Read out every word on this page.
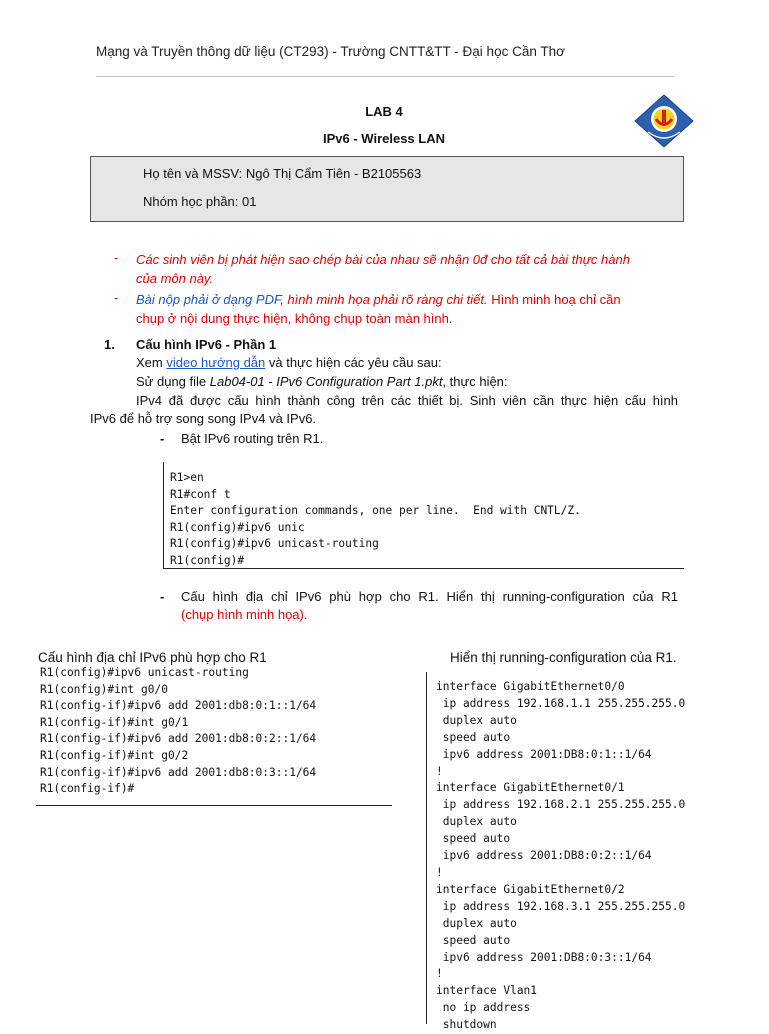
Mạng và Truyền thông dữ liệu (CT293) - Trường CNTT&TT - Đại học Cần Thơ
LAB 4
IPv6 - Wireless LAN
Họ tên và MSSV: Ngô Thị Cẩm Tiên - B2105563
Nhóm học phần: 01
- Các sinh viên bị phát hiện sao chép bài của nhau sẽ nhận 0đ cho tất cả bài thực hành
của môn này.
- Bài nộp phải ở dạng PDF, hình minh họa phải rõ ràng chi tiết. Hình minh hoạ chỉ cần
chụp ở nội dung thực hiện, không chụp toàn màn hình.
1. Cấu hình IPv6 - Phần 1
Xem video hướng dẫn và thực hiện các yêu cầu sau:
Sử dụng file Lab04-01 - IPv6 Configuration Part 1.pkt, thực hiện:
IPv4 đã được cấu hình thành công trên các thiết bị. Sinh viên cần thực hiện cấu hình
IPv6 để hỗ trợ song song IPv4 và IPv6.
- Bật IPv6 routing trên R1.
R1>en
R1#conf t
Enter configuration commands, one per line.  End with CNTL/Z.
R1(config)#ipv6 unic
R1(config)#ipv6 unicast-routing
R1(config)#
- Cấu hình địa chỉ IPv6 phù hợp cho R1. Hiển thị running-configuration của R1
(chụp hình minh họa).
Cấu hình địa chỉ IPv6 phù hợp cho R1	Hiển thị running-configuration của R1.
R1(config)#ipv6 unicast-routing
R1(config)#int g0/0
R1(config-if)#ipv6 add 2001:db8:0:1::1/64
R1(config-if)#int g0/1
R1(config-if)#ipv6 add 2001:db8:0:2::1/64
R1(config-if)#int g0/2
R1(config-if)#ipv6 add 2001:db8:0:3::1/64
R1(config-if)#
interface GigabitEthernet0/0
ip address 192.168.1.1 255.255.255.0
duplex auto
speed auto
ipv6 address 2001:DB8:0:1::1/64
!
interface GigabitEthernet0/1
ip address 192.168.2.1 255.255.255.0
duplex auto
speed auto
ipv6 address 2001:DB8:0:2::1/64
!
interface GigabitEthernet0/2
ip address 192.168.3.1 255.255.255.0
duplex auto
speed auto
ipv6 address 2001:DB8:0:3::1/64
!
interface Vlan1
no ip address
shutdown
